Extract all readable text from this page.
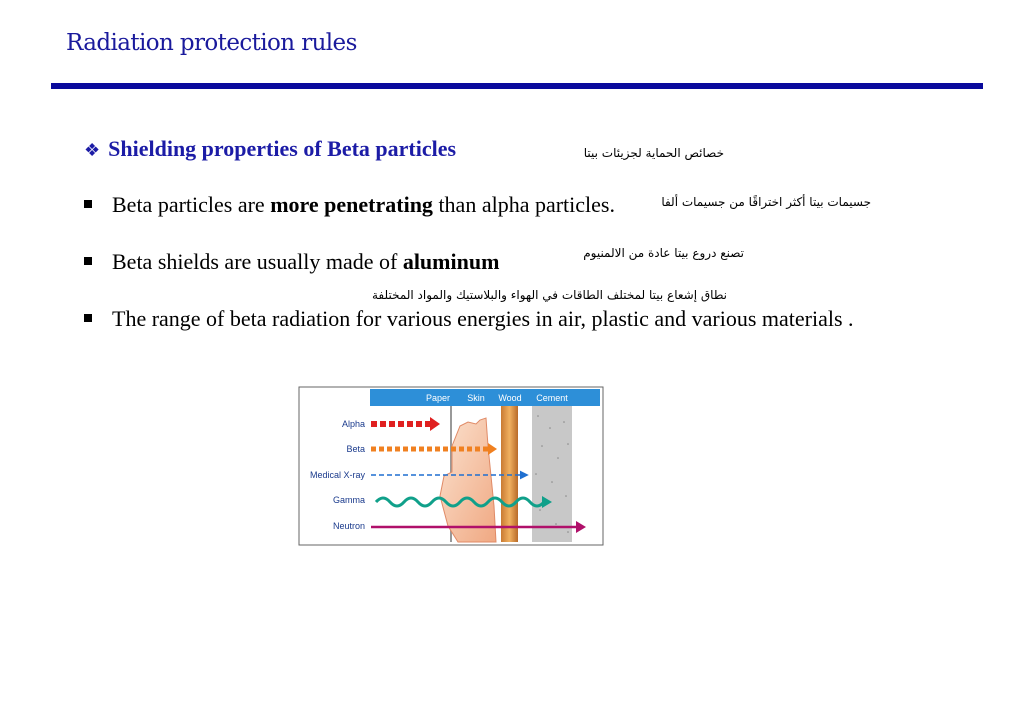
Radiation protection rules
❖ Shielding properties of Beta particles	خصائص الحماية لجزيئات بيتا
Beta particles are more penetrating than alpha particles.	جسيمات بيتا أكثر اختراقًا من جسيمات ألفا
Beta shields are usually made of aluminum	تصنع دروع بيتا عادة من الالمنيوم
نطاق إشعاع بيتا لمختلف الطاقات في الهواء والبلاستيك والمواد المختلفة
The range of beta radiation for various energies in air, plastic and various materials .
Paper Skin Wood Cement
Alpha
Beta
Medical X-ray
Gamma
Neutron
